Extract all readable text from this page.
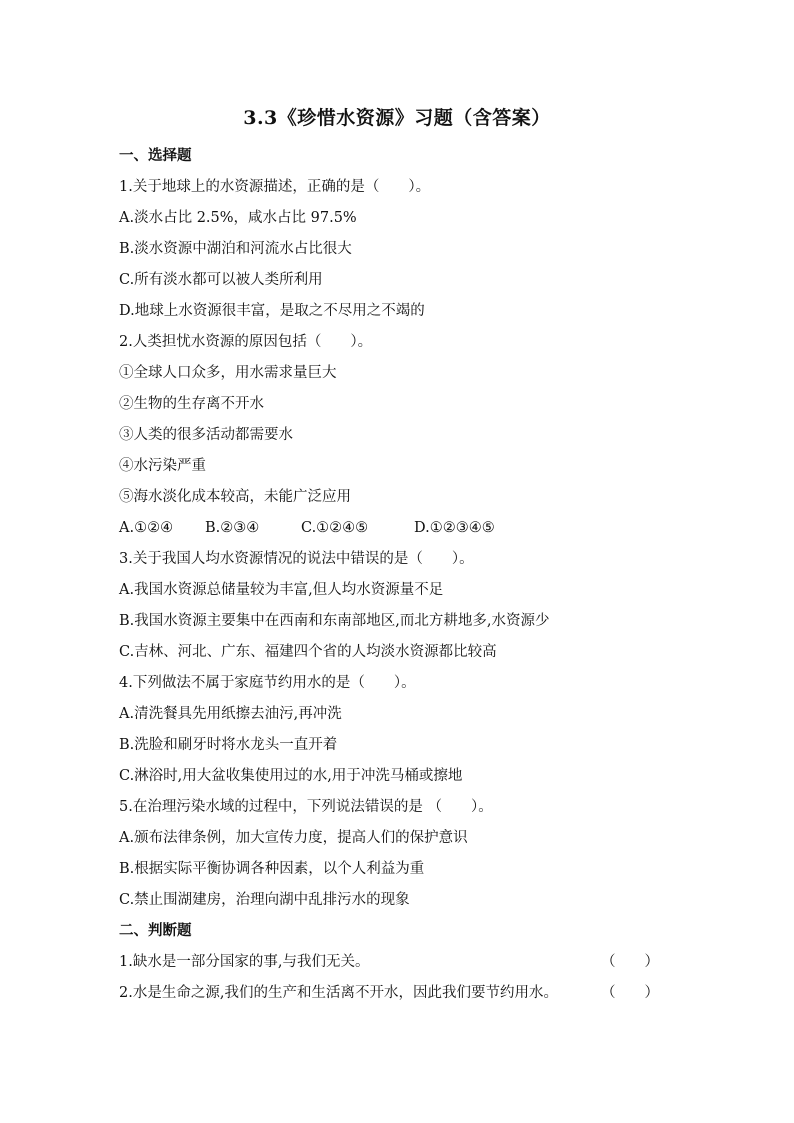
3.3《珍惜水资源》习题（含答案）
一、选择题
1.关于地球上的水资源描述，正确的是（　　）。
A.淡水占比 2.5%，咸水占比 97.5%
B.淡水资源中湖泊和河流水占比很大
C.所有淡水都可以被人类所利用
D.地球上水资源很丰富，是取之不尽用之不竭的
2.人类担忧水资源的原因包括（　　）。
①全球人口众多，用水需求量巨大
②生物的生存离不开水
③人类的很多活动都需要水
④水污染严重
⑤海水淡化成本较高，未能广泛应用
A.①②④ B.②③④	C.①②④⑤	D.①②③④⑤
3.关于我国人均水资源情况的说法中错误的是（　　）。
A.我国水资源总储量较为丰富,但人均水资源量不足
B.我国水资源主要集中在西南和东南部地区,而北方耕地多,水资源少
C.吉林、河北、广东、福建四个省的人均淡水资源都比较高
4.下列做法不属于家庭节约用水的是（　　）。
A.清洗餐具先用纸擦去油污,再冲洗
B.洗脸和刷牙时将水龙头一直开着
C.淋浴时,用大盆收集使用过的水,用于冲洗马桶或擦地
5.在治理污染水域的过程中，下列说法错误的是 （　　）。
A.颁布法律条例，加大宣传力度，提高人们的保护意识
B.根据实际平衡协调各种因素，以个人利益为重
C.禁止围湖建房，治理向湖中乱排污水的现象
二、判断题
1.缺水是一部分国家的事,与我们无关。	（　　）
2.水是生命之源,我们的生产和生活离不开水，因此我们要节约用水。	（　　）
